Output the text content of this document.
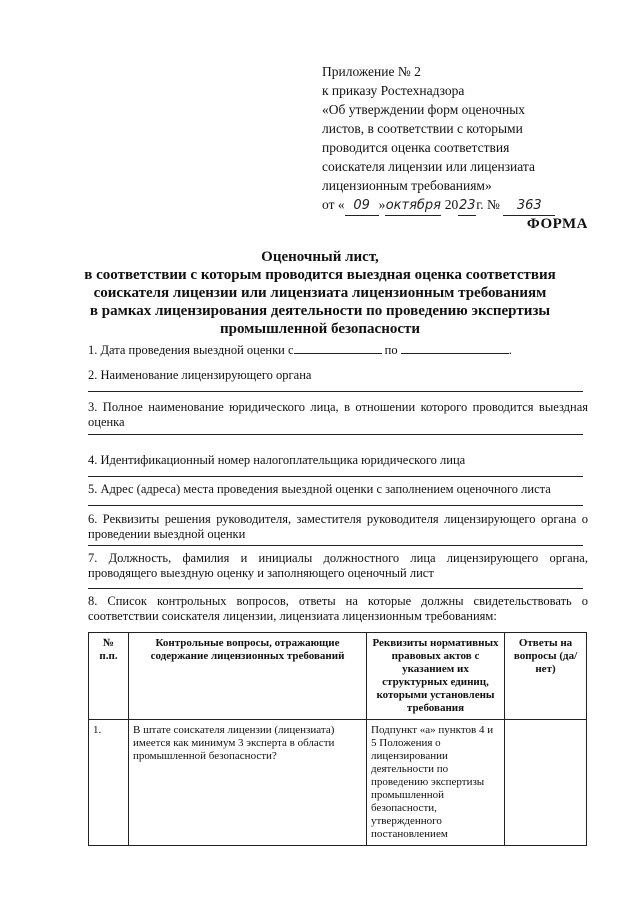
Приложение № 2
к приказу Ростехнадзора
«Об утверждении форм оценочных
листов, в соответствии с которыми
проводится оценка соответствия
соискателя лицензии или лицензиата
лицензионным требованиям»
от « 09 »октября 2023г. № 363
ФОРМА
Оценочный лист,
в соответствии с которым проводится выездная оценка соответствия
соискателя лицензии или лицензиата лицензионным требованиям
в рамках лицензирования деятельности по проведению экспертизы
промышленной безопасности
1. Дата проведения выездной оценки с	по	.
2. Наименование лицензирующего органа
3. Полное наименование юридического лица, в отношении которого проводится выездная оценка
4. Идентификационный номер налогоплательщика юридического лица
5. Адрес (адреса) места проведения выездной оценки с заполнением оценочного листа
6. Реквизиты решения руководителя, заместителя руководителя лицензирующего органа о проведении выездной оценки
7. Должность, фамилия и инициалы должностного лица лицензирующего органа, проводящего выездную оценку и заполняющего оценочный лист
8. Список контрольных вопросов, ответы на которые должны свидетельствовать о соответствии соискателя лицензии, лицензиата лицензионным требованиям:
№ п.п.	Контрольные вопросы, отражающие содержание лицензионных требований	Реквизиты нормативных правовых актов с указанием их структурных единиц, которыми установлены требования	Ответы на вопросы (да/нет)
1.	В штате соискателя лицензии (лицензиата) имеется как минимум 3 эксперта в области промышленной безопасности?	Подпункт «а» пунктов 4 и 5 Положения о лицензировании деятельности по проведению экспертизы промышленной безопасности, утвержденного постановлением	
